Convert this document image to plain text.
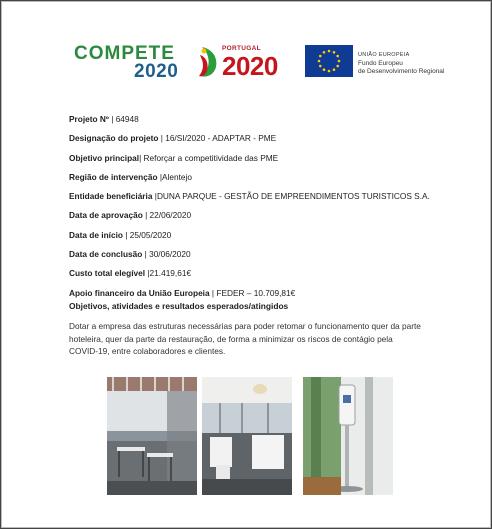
COMPETE
2020
PORTUGAL
2020	UNIÃO EUROPEIA
Fundo Europeu
de Desenvolvimento Regional
Projeto Nº | 64948
Designação do projeto | 16/SI/2020 - ADAPTAR - PME
Objetivo principal| Reforçar a competitividade das PME
Região de intervenção |Alentejo
Entidade beneficiária |DUNA PARQUE - GESTÃO DE EMPREENDIMENTOS TURISTICOS S.A.
Data de aprovação | 22/06/2020
Data de início | 25/05/2020
Data de conclusão | 30/06/2020
Custo total elegível |21.419,61€
Apoio financeiro da União Europeia | FEDER – 10.709,81€
Objetivos, atividades e resultados esperados/atingidos
Dotar a empresa das estruturas necessárias para poder retomar o funcionamento quer da parte hoteleira, quer da parte da restauração, de forma a minimizar os riscos de contágio pela COVID-19, entre colaboradores e clientes.
